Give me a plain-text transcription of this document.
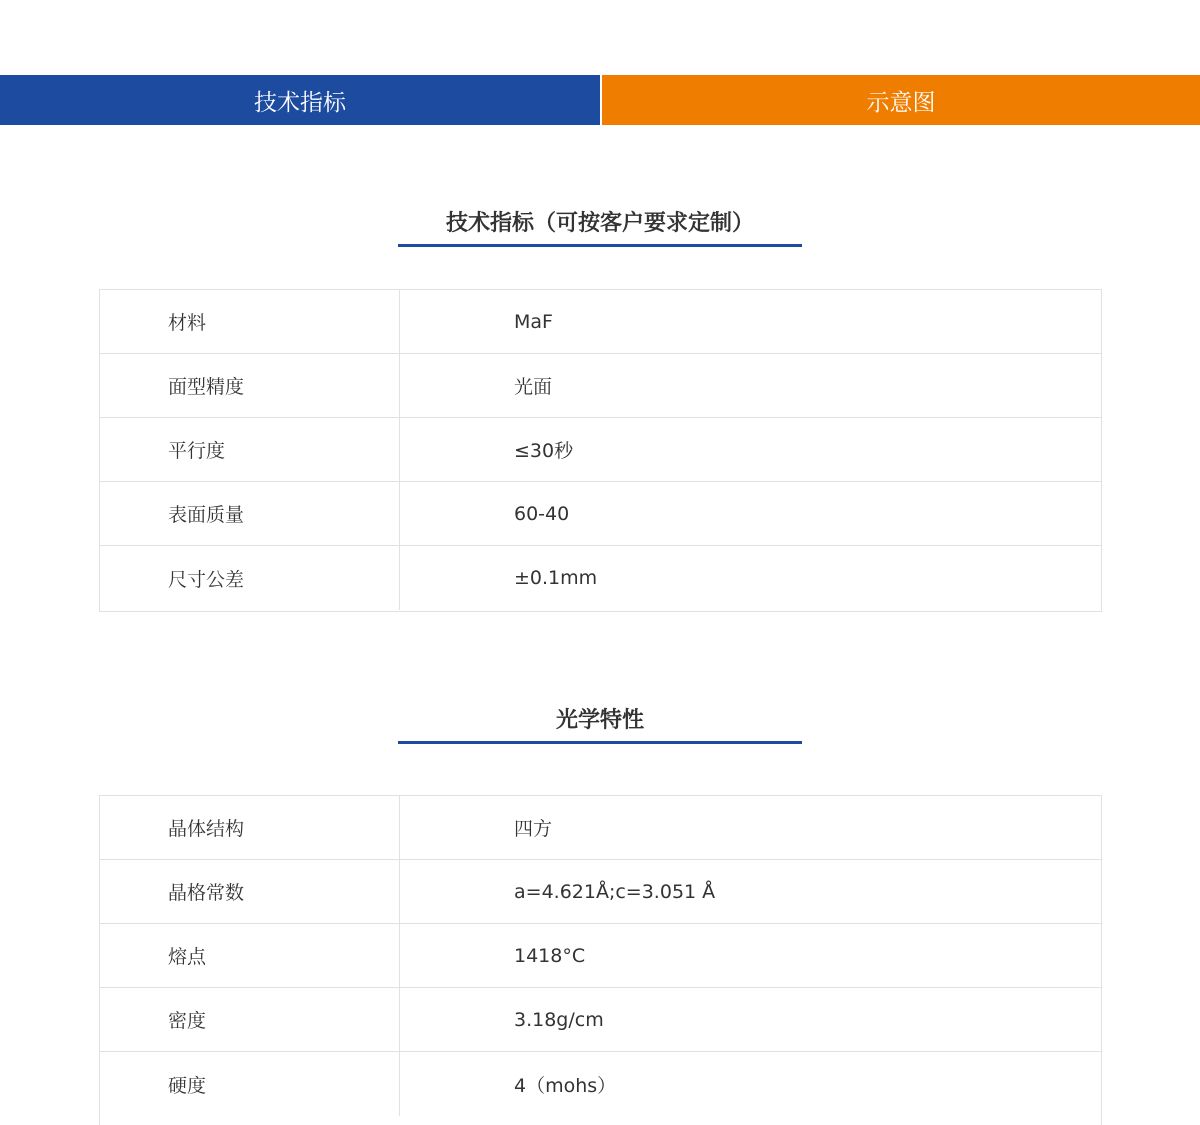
技术指标	示意图
技术指标（可按客户要求定制）
材料	MaF
面型精度	光面
平行度	≤30秒
表面质量	60-40
尺寸公差	±0.1mm
光学特性
晶体结构	四方
晶格常数	a=4.621Å;c=3.051 Å
熔点	1418°C
密度	3.18g/cm
硬度	4（mohs）
